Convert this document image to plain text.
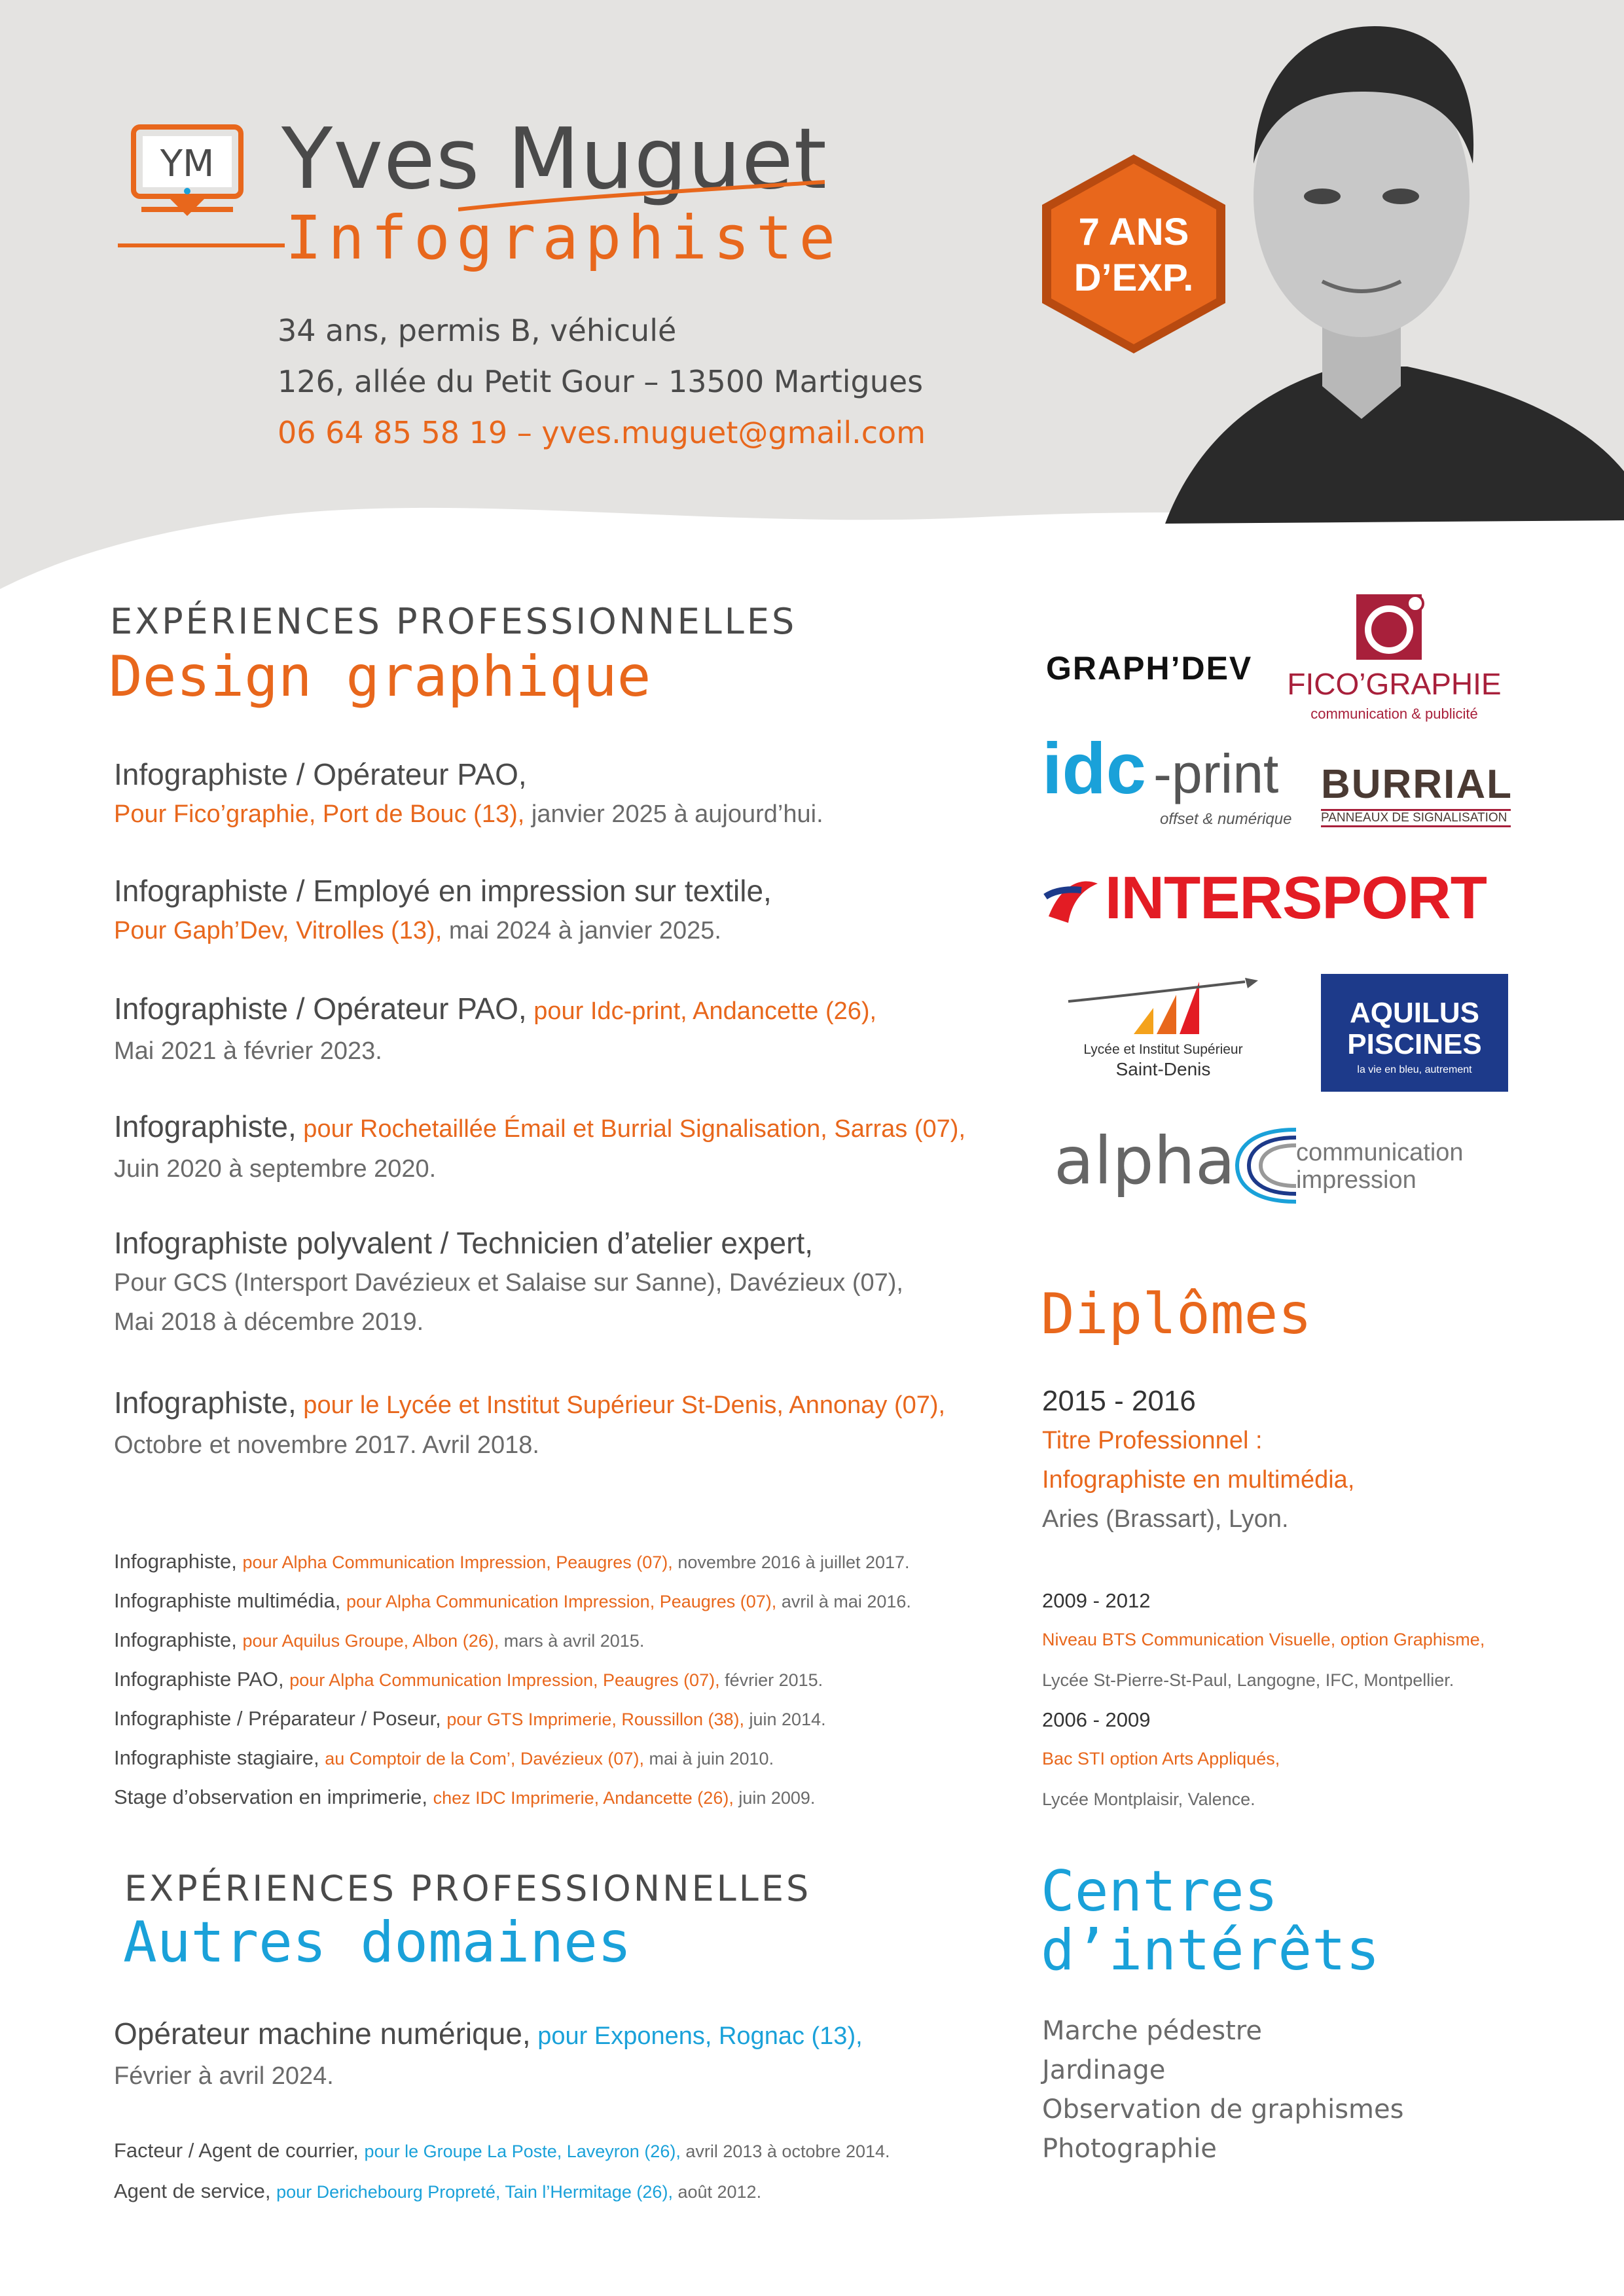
YM Yves Muguet
Infographiste
34 ans, permis B, véhiculé
126, allée du Petit Gour – 13500 Martigues
06 64 85 58 19 – yves.muguet@gmail.com
7 ANS
D’EXP.
EXPÉRIENCES PROFESSIONNELLES
Design graphique
Infographiste / Opérateur PAO,
Pour Fico’graphie, Port de Bouc (13), janvier 2025 à aujourd’hui.
Infographiste / Employé en impression sur textile,
Pour Gaph’Dev, Vitrolles (13), mai 2024 à janvier 2025.
Infographiste / Opérateur PAO, pour Idc-print, Andancette (26),
Mai 2021 à février 2023.
Infographiste, pour Rochetaillée Émail et Burrial Signalisation, Sarras (07),
Juin 2020 à septembre 2020.
Infographiste polyvalent / Technicien d’atelier expert,
Pour GCS (Intersport Davézieux et Salaise sur Sanne), Davézieux (07),
Mai 2018 à décembre 2019.
Infographiste, pour le Lycée et Institut Supérieur St-Denis, Annonay (07),
Octobre et novembre 2017. Avril 2018.
Infographiste, pour Alpha Communication Impression, Peaugres (07), novembre 2016 à juillet 2017.
Infographiste multimédia, pour Alpha Communication Impression, Peaugres (07), avril à mai 2016.
Infographiste, pour Aquilus Groupe, Albon (26), mars à avril 2015.
Infographiste PAO, pour Alpha Communication Impression, Peaugres (07), février 2015.
Infographiste / Préparateur / Poseur, pour GTS Imprimerie, Roussillon (38), juin 2014.
Infographiste stagiaire, au Comptoir de la Com’, Davézieux (07), mai à juin 2010.
Stage d’observation en imprimerie, chez IDC Imprimerie, Andancette (26), juin 2009.
EXPÉRIENCES PROFESSIONNELLES
Autres domaines
Opérateur machine numérique, pour Exponens, Rognac (13),
Février à avril 2024.
Facteur / Agent de courrier, pour le Groupe La Poste, Laveyron (26), avril 2013 à octobre 2014.
Agent de service, pour Derichebourg Propreté, Tain l’Hermitage (26), août 2012.
GRAPH’DEV FICO’GRAPHIE
communication & publicité
idc -print
offset & numérique
BURRIAL
PANNEAUX DE SIGNALISATION
INTERSPORT
Lycée et Institut Supérieur
Saint-Denis
AQUILUS
PISCINES
la vie en bleu, autrement
alpha communication
impression
Diplômes
2015 - 2016
Titre Professionnel :
Infographiste en multimédia,
Aries (Brassart), Lyon.
2009 - 2012
Niveau BTS Communication Visuelle, option Graphisme,
Lycée St-Pierre-St-Paul, Langogne, IFC, Montpellier.
2006 - 2009
Bac STI option Arts Appliqués,
Lycée Montplaisir, Valence.
Centres
d’intérêts
Marche pédestre
Jardinage
Observation de graphismes
Photographie
